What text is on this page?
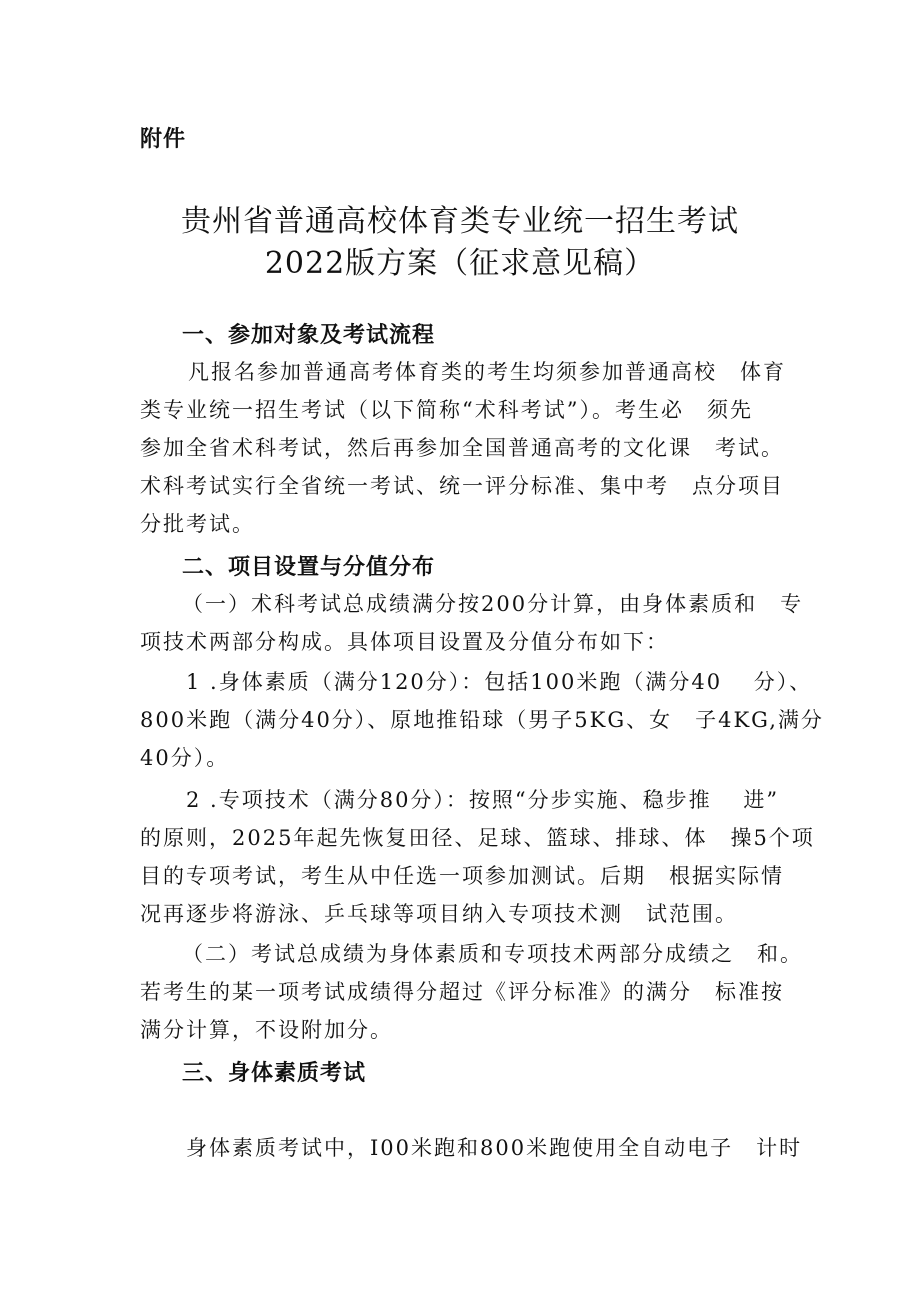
附件
贵州省普通高校体育类专业统一招生考试
2022版方案（征求意见稿）
一、参加对象及考试流程
凡报名参加普通高考体育类的考生均须参加普通高校　体育
类专业统一招生考试（以下简称“术科考试”）。考生必　须先
参加全省术科考试，然后再参加全国普通高考的文化课　考试。
术科考试实行全省统一考试、统一评分标准、集中考　点分项目
分批考试。
二、项目设置与分值分布
（一）术科考试总成绩满分按200分计算，由身体素质和　专
项技术两部分构成。具体项目设置及分值分布如下：
1 .身体素质（满分120分）：包括100米跑（满分40　 分）、
800米跑（满分40分）、原地推铅球（男子5KG、女　子4KG,满分
40分）。
2 .专项技术（满分80分）：按照“分步实施、稳步推　 进”
的原则，2025年起先恢复田径、足球、篮球、排球、体　操5个项
目的专项考试，考生从中任选一项参加测试。后期　根据实际情
况再逐步将游泳、乒乓球等项目纳入专项技术测　试范围。
（二）考试总成绩为身体素质和专项技术两部分成绩之　和。
若考生的某一项考试成绩得分超过《评分标准》的满分　标准按
满分计算，不设附加分。
三、身体素质考试
身体素质考试中，I00米跑和800米跑使用全自动电子　计时
